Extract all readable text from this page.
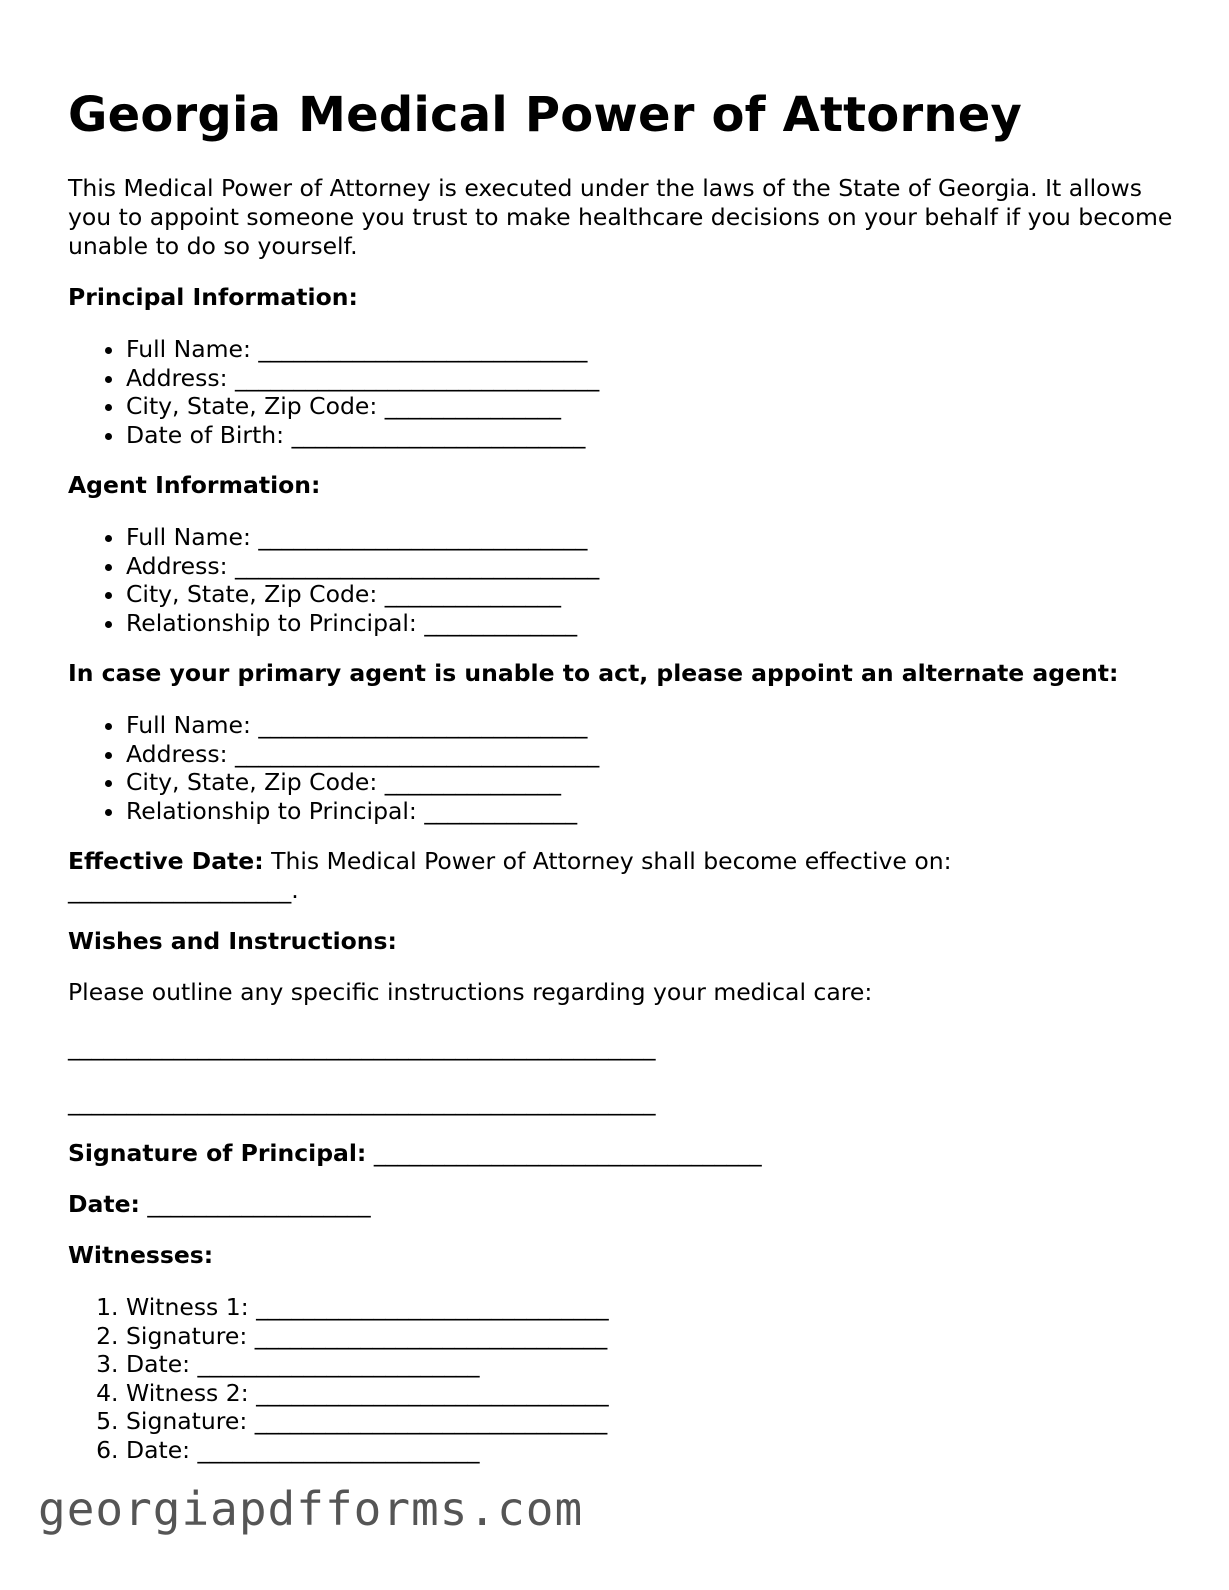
Georgia Medical Power of Attorney

This Medical Power of Attorney is executed under the laws of the State of Georgia. It allows you to appoint someone you trust to make healthcare decisions on your behalf if you become unable to do so yourself.

Principal Information:

• Full Name: ____________________________
• Address: _______________________________
• City, State, Zip Code: _______________
• Date of Birth: _________________________

Agent Information:

• Full Name: ____________________________
• Address: _______________________________
• City, State, Zip Code: _______________
• Relationship to Principal: _____________

In case your primary agent is unable to act, please appoint an alternate agent:

• Full Name: ____________________________
• Address: _______________________________
• City, State, Zip Code: _______________
• Relationship to Principal: _____________

Effective Date: This Medical Power of Attorney shall become effective on: ___________________.

Wishes and Instructions:

Please outline any specific instructions regarding your medical care:

__________________________________________________

__________________________________________________

Signature of Principal: _________________________________

Date: ___________________

Witnesses:

1. Witness 1: ______________________________
2. Signature: ______________________________
3. Date: ________________________
4. Witness 2: ______________________________
5. Signature: ______________________________
6. Date: ________________________
georgiapdfforms.com
